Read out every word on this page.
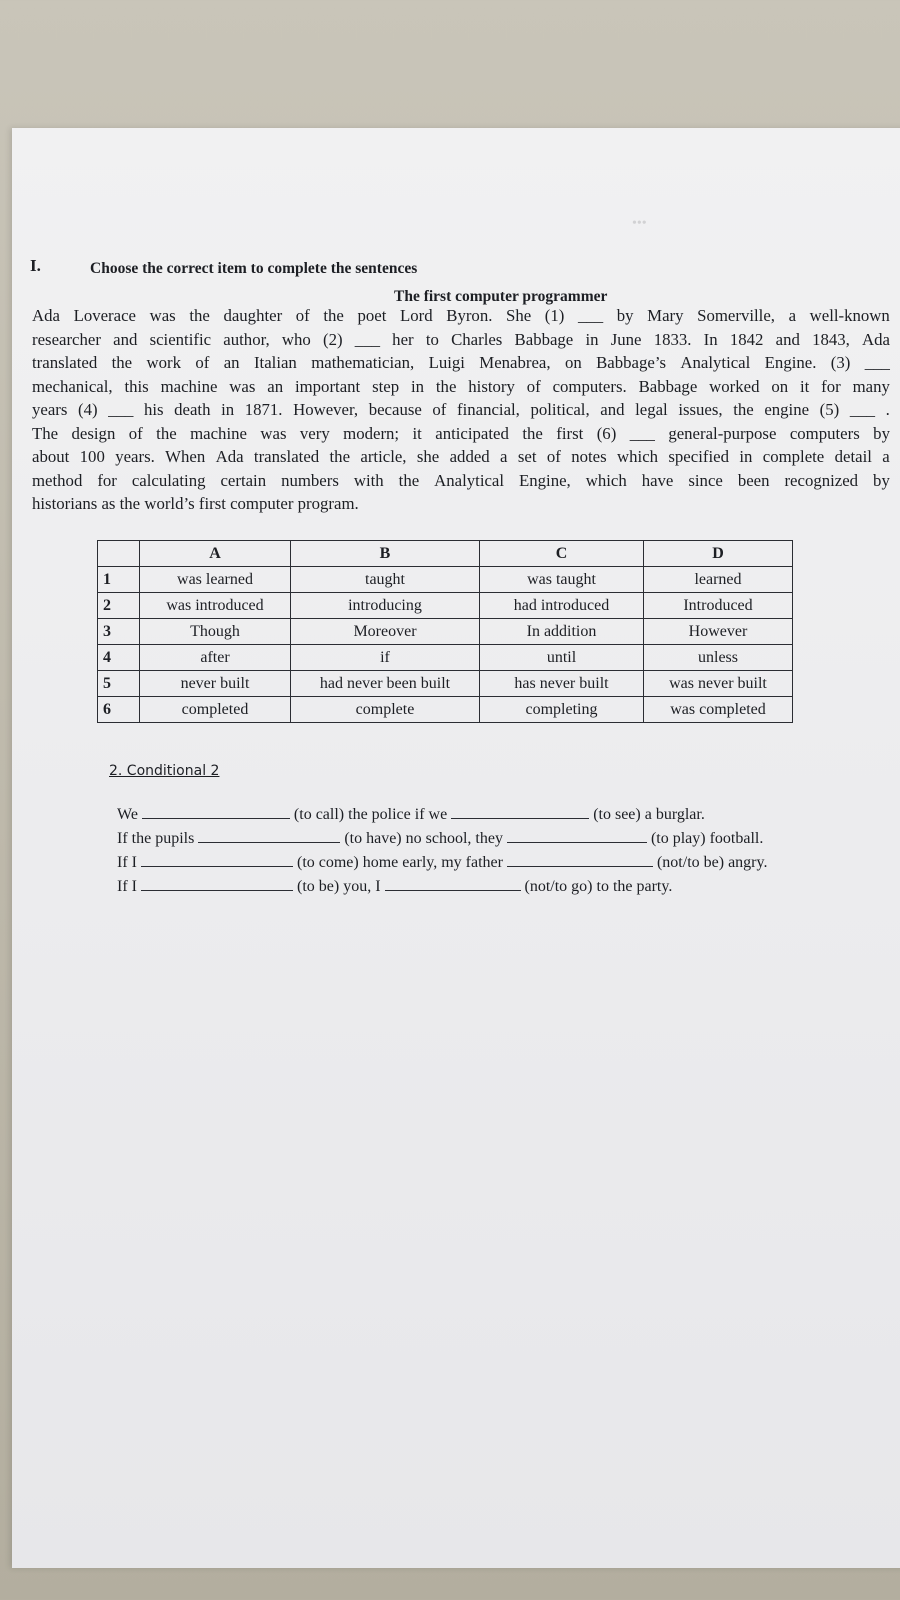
•••
I.	Choose the correct item to complete the sentences
The first computer programmer
Ada Loverace was the daughter of the poet Lord Byron. She (1) ___ by Mary Somerville, a well-known
researcher and scientific author, who (2) ___ her to Charles Babbage in June 1833. In 1842 and 1843, Ada
translated the work of an Italian mathematician, Luigi Menabrea, on Babbage’s Analytical Engine. (3) ___
mechanical, this machine was an important step in the history of computers. Babbage worked on it for many
years (4) ___ his death in 1871. However, because of financial, political, and legal issues, the engine (5) ___ .
The design of the machine was very modern; it anticipated the first (6) ___ general-purpose computers by
about 100 years. When Ada translated the article, she added a set of notes which specified in complete detail a
method for calculating certain numbers with the Analytical Engine, which have since been recognized by
historians as the world’s first computer program.
	A	B	C	D
1	was learned	taught	was taught	learned
2	was introduced	introducing	had introduced	Introduced
3	Though	Moreover	In addition	However
4	after	if	until	unless
5	never built	had never been built	has never built	was never built
6	completed	complete	completing	was completed
2. Conditional 2
We	(to call) the police if we	(to see) a burglar.
If the pupils	(to have) no school, they	(to play) football.
If I	(to come) home early, my father	(not/to be) angry.
If I	(to be) you, I	(not/to go) to the party.
